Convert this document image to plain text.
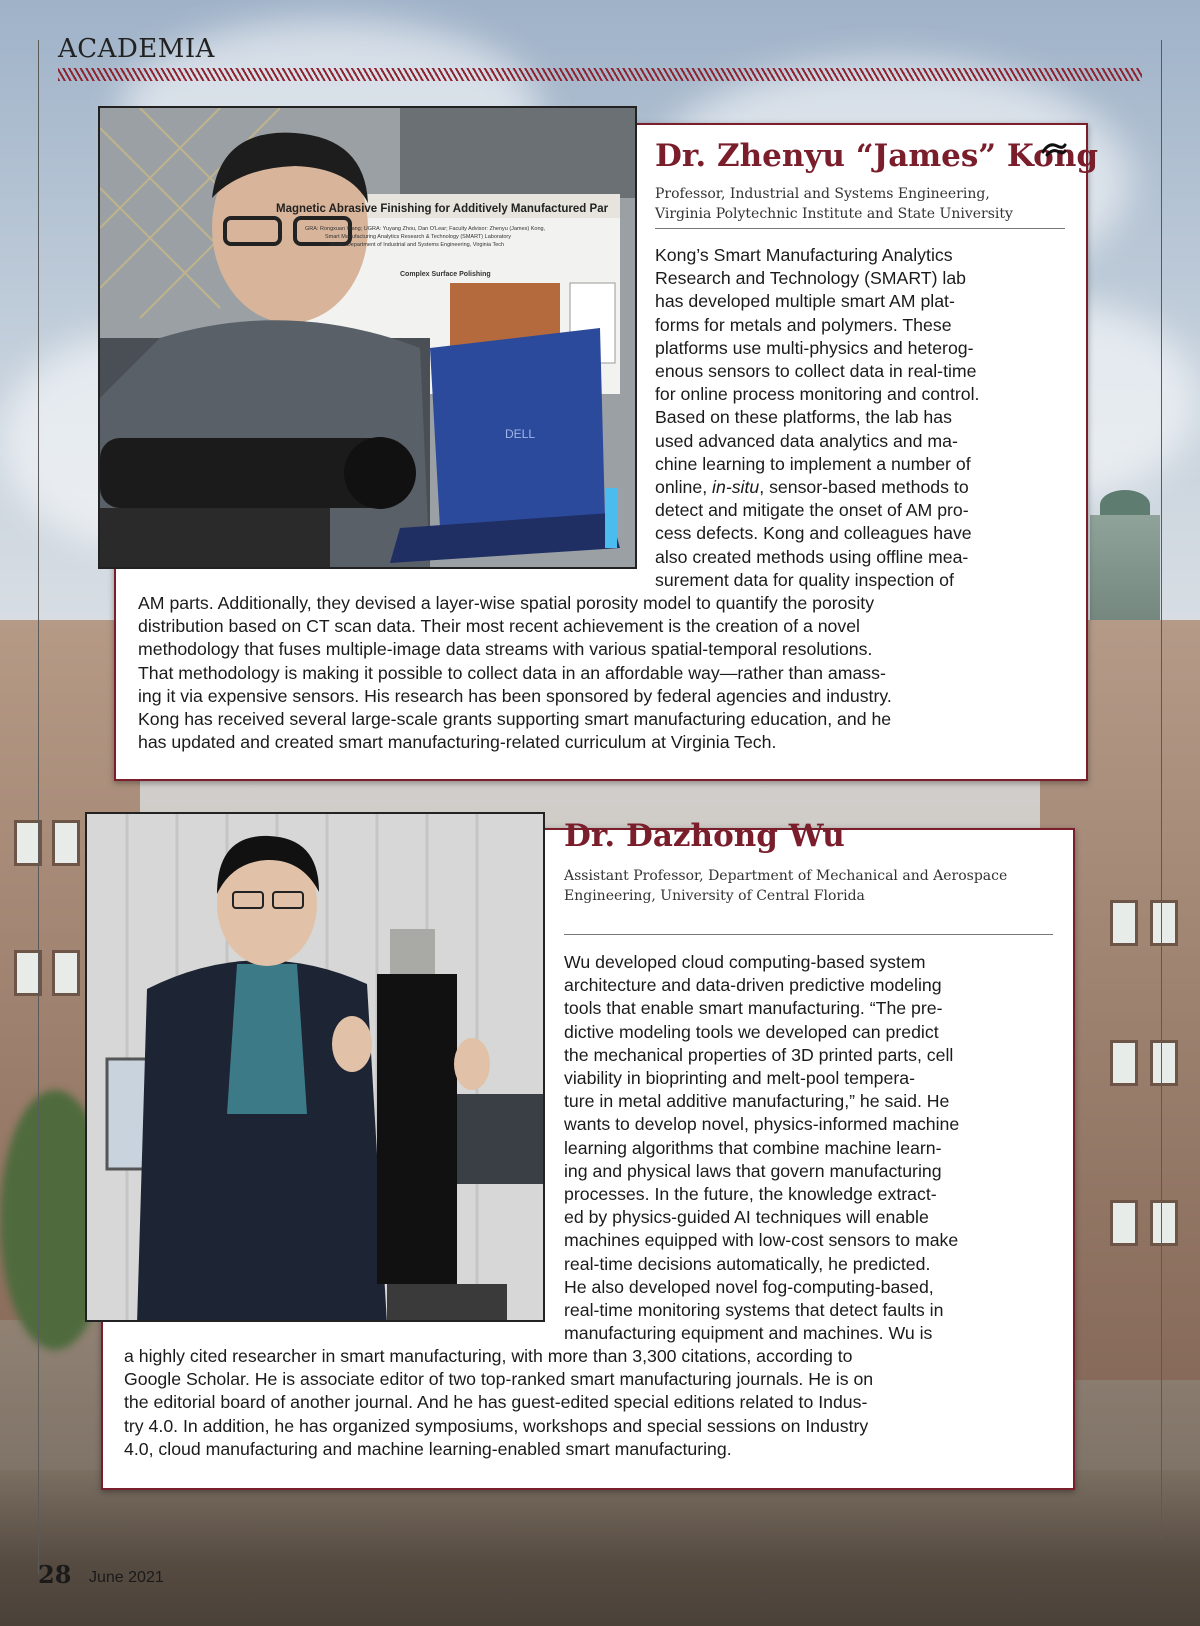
ACADEMIA
Magnetic Abrasive Finishing for Additively Manufactured Par
GRA: Rongxuan Wang; UGRA: Yuyang Zhou, Dan O'Lear; Faculty Advisor: Zhenyu (James) Kong,
Smart Manufacturing Analytics Research & Technology (SMART) Laboratory
Grado Department of Industrial and Systems Engineering, Virginia Tech
Complex Surface Polishing
DELL
Dr. Zhenyu “James” Kong

Professor, Industrial and Systems Engineering,
Virginia Polytechnic Institute and State University

Kong’s Smart Manufacturing Analytics
Research and Technology (SMART) lab
has developed multiple smart AM plat-
forms for metals and polymers. These
platforms use multi-physics and heterog-
enous sensors to collect data in real-time
for online process monitoring and control.
Based on these platforms, the lab has
used advanced data analytics and ma-
chine learning to implement a number of
online, in-situ, sensor-based methods to
detect and mitigate the onset of AM pro-
cess defects. Kong and colleagues have
also created methods using offline mea-
surement data for quality inspection of

AM parts. Additionally, they devised a layer-wise spatial porosity model to quantify the porosity
distribution based on CT scan data. Their most recent achievement is the creation of a novel
methodology that fuses multiple-image data streams with various spatial-temporal resolutions.
That methodology is making it possible to collect data in an affordable way—rather than amass-
ing it via expensive sensors. His research has been sponsored by federal agencies and industry.
Kong has received several large-scale grants supporting smart manufacturing education, and he
has updated and created smart manufacturing-related curriculum at Virginia Tech.

Dr. Dazhong Wu

Assistant Professor, Department of Mechanical and Aerospace
Engineering, University of Central Florida

Wu developed cloud computing-based system
architecture and data-driven predictive modeling
tools that enable smart manufacturing. “The pre-
dictive modeling tools we developed can predict
the mechanical properties of 3D printed parts, cell
viability in bioprinting and melt-pool tempera-
ture in metal additive manufacturing,” he said. He
wants to develop novel, physics-informed machine
learning algorithms that combine machine learn-
ing and physical laws that govern manufacturing
processes. In the future, the knowledge extract-
ed by physics-guided AI techniques will enable
machines equipped with low-cost sensors to make
real-time decisions automatically, he predicted.
He also developed novel fog-computing-based,
real-time monitoring systems that detect faults in
manufacturing equipment and machines. Wu is

a highly cited researcher in smart manufacturing, with more than 3,300 citations, according to
Google Scholar. He is associate editor of two top-ranked smart manufacturing journals. He is on
the editorial board of another journal. And he has guest-edited special editions related to Indus-
try 4.0. In addition, he has organized symposiums, workshops and special sessions on Industry
4.0, cloud manufacturing and machine learning-enabled smart manufacturing.

28 June 2021
